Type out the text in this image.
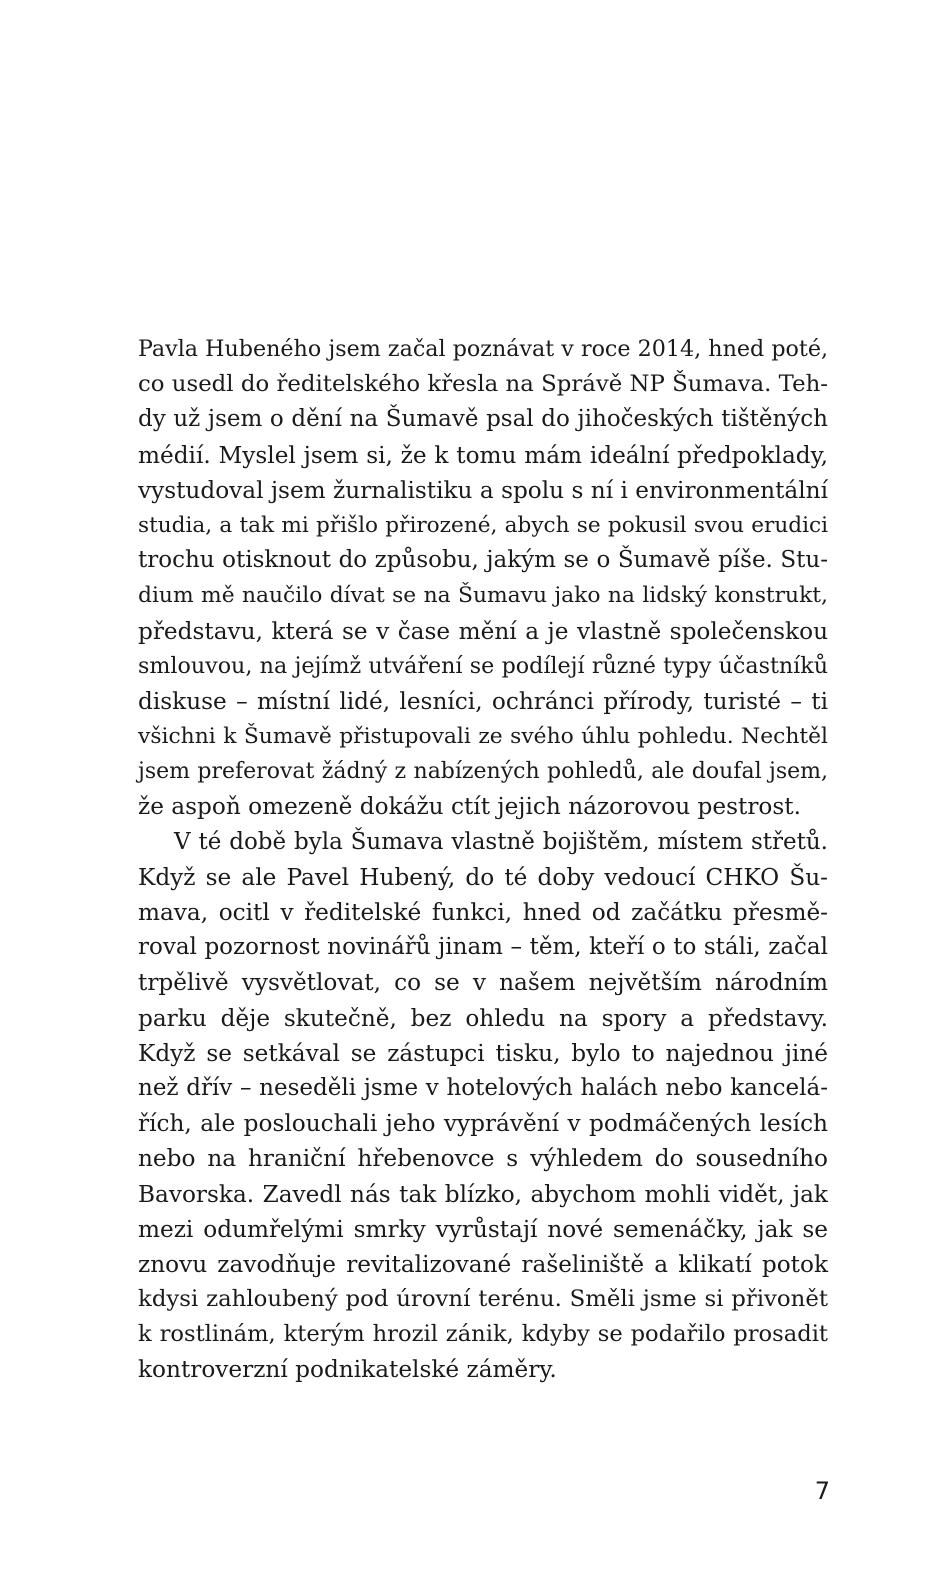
Pavla Hubeného jsem začal poznávat v roce 2014, hned poté,
co usedl do ředitelského křesla na Správě NP Šumava. Teh-
dy už jsem o dění na Šumavě psal do jihočeských tištěných
médií. Myslel jsem si, že k tomu mám ideální předpoklady,
vystudoval jsem žurnalistiku a spolu s ní i environmentální
studia, a tak mi přišlo přirozené, abych se pokusil svou erudici
trochu otisknout do způsobu, jakým se o Šumavě píše. Stu-
dium mě naučilo dívat se na Šumavu jako na lidský konstrukt,
představu, která se v čase mění a je vlastně společenskou
smlouvou, na jejímž utváření se podílejí různé typy účastníků
diskuse – místní lidé, lesníci, ochránci přírody, turisté – ti
všichni k Šumavě přistupovali ze svého úhlu pohledu. Nechtěl
jsem preferovat žádný z nabízených pohledů, ale doufal jsem,
že aspoň omezeně dokážu ctít jejich názorovou pestrost.
V té době byla Šumava vlastně bojištěm, místem střetů.
Když se ale Pavel Hubený, do té doby vedoucí CHKO Šu-
mava, ocitl v ředitelské funkci, hned od začátku přesmě-
roval pozornost novinářů jinam – těm, kteří o to stáli, začal
trpělivě vysvětlovat, co se v našem největším národním
parku děje skutečně, bez ohledu na spory a představy.
Když se setkával se zástupci tisku, bylo to najednou jiné
než dřív – neseděli jsme v hotelových halách nebo kancelá-
řích, ale poslouchali jeho vyprávění v podmáčených lesích
nebo na hraniční hřebenovce s výhledem do sousedního
Bavorska. Zavedl nás tak blízko, abychom mohli vidět, jak
mezi odumřelými smrky vyrůstají nové semenáčky, jak se
znovu zavodňuje revitalizované rašeliniště a klikatí potok
kdysi zahloubený pod úrovní terénu. Směli jsme si přivonět
k rostlinám, kterým hrozil zánik, kdyby se podařilo prosadit
kontroverzní podnikatelské záměry.
7
